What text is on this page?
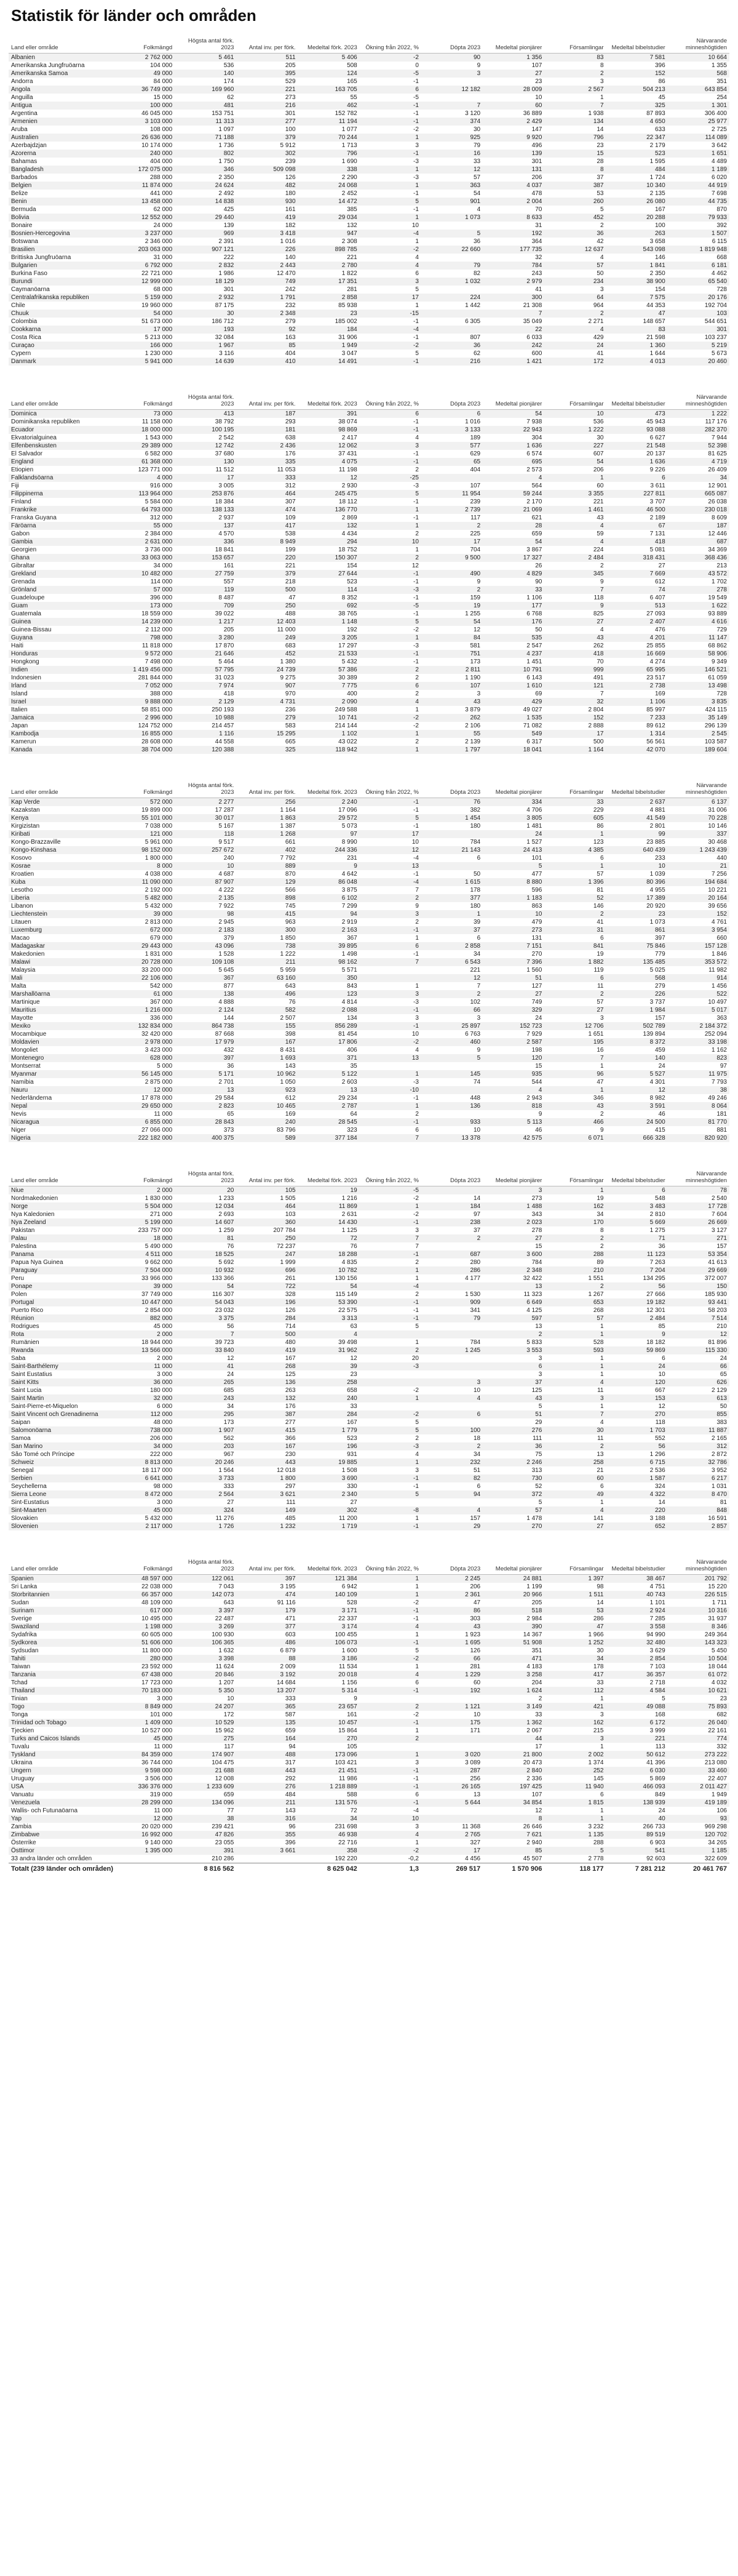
Statistik för länder och områden
Land eller område	Folkmängd	Högsta antal förk. 2023	Antal inv. per förk.	Medeltal förk. 2023	Ökning från 2022, %	Döpta 2023	Medeltal pionjärer	Församlingar	Medeltal bibelstudier	Närvarande minneshögtiden
Albanien	2 762 000	5 461	511	5 406	-2	90	1 356	83	7 581	10 664
Amerikanska Jungfruöarna	104 000	536	205	508	0	9	107	8	396	1 355
Amerikanska Samoa	49 000	140	395	124	-5	3	27	2	152	568
Andorra	84 000	174	529	165	-1		23	3	86	351
Angola	36 749 000	169 960	221	163 705	6	12 182	28 009	2 567	504 213	643 854
Anguilla	15 000	62	273	55	-5		10	1	45	254
Antigua	100 000	481	216	462	-1	7	60	7	325	1 301
Argentina	46 045 000	153 751	301	152 782	-1	3 120	36 889	1 938	87 893	306 400
Armenien	3 103 000	11 313	277	11 194	-1	374	2 429	134	4 650	25 977
Aruba	108 000	1 097	100	1 077	-2	30	147	14	633	2 725
Australien	26 636 000	71 188	379	70 244	1	925	9 920	796	22 347	114 089
Azerbajdzjan	10 174 000	1 736	5 912	1 713	3	79	496	23	2 179	3 642
Azorerna	240 000	802	302	796	-1	16	139	15	523	1 651
Bahamas	404 000	1 750	239	1 690	-3	33	301	28	1 595	4 489
Bangladesh	172 075 000	346	509 098	338	1	12	131	8	484	1 189
Barbados	288 000	2 350	126	2 290	-3	57	206	37	1 724	6 020
Belgien	11 874 000	24 624	482	24 068	1	363	4 037	387	10 340	44 919
Belize	441 000	2 492	180	2 452	-1	54	478	53	2 135	7 698
Benin	13 458 000	14 838	930	14 472	5	901	2 004	260	26 080	44 735
Bermuda	62 000	425	161	385	-1	4	70	5	167	870
Bolivia	12 552 000	29 440	419	29 034	1	1 073	8 633	452	20 288	79 933
Bonaire	24 000	139	182	132	10		31	2	100	392
Bosnien-Hercegovina	3 237 000	969	3 418	947	-4	5	192	36	263	1 507
Botswana	2 346 000	2 391	1 016	2 308	1	36	364	42	3 658	6 115
Brasilien	203 063 000	907 121	226	898 785	-2	22 660	177 735	12 637	543 098	1 819 948
Brittiska Jungfruöarna	31 000	222	140	221	4		32	4	146	668
Bulgarien	6 792 000	2 832	2 443	2 780	4	79	784	57	1 841	6 181
Burkina Faso	22 721 000	1 986	12 470	1 822	6	82	243	50	2 350	4 462
Burundi	12 999 000	18 129	749	17 351	3	1 032	2 979	234	38 900	65 540
Caymanöarna	68 000	301	242	281	5		41	3	154	728
Centralafrikanska republiken	5 159 000	2 932	1 791	2 858	17	224	300	64	7 575	20 176
Chile	19 960 000	87 175	232	85 938	1	1 442	21 308	964	44 353	192 704
Chuuk	54 000	30	2 348	23	-15		7	2	47	103
Colombia	51 673 000	186 712	279	185 002	-1	6 305	35 049	2 271	148 657	544 651
Cookkarna	17 000	193	92	184	-4		22	4	83	301
Costa Rica	5 213 000	32 084	163	31 906	-1	807	6 033	429	21 598	103 237
Curaçao	166 000	1 967	85	1 949	-2	36	242	24	1 360	5 219
Cypern	1 230 000	3 116	404	3 047	5	62	600	41	1 644	5 673
Danmark	5 941 000	14 639	410	14 491	-1	216	1 421	172	4 013	20 460
Land eller område	Folkmängd	Högsta antal förk. 2023	Antal inv. per förk.	Medeltal förk. 2023	Ökning från 2022, %	Döpta 2023	Medeltal pionjärer	Församlingar	Medeltal bibelstudier	Närvarande minneshögtiden
Dominica	73 000	413	187	391	6	6	54	10	473	1 222
Dominikanska republiken	11 158 000	38 792	293	38 074	-1	1 016	7 938	536	45 943	117 176
Ecuador	18 000 000	100 195	181	98 869	-1	3 133	22 943	1 222	93 088	282 370
Ekvatorialguinea	1 543 000	2 542	638	2 417	4	189	304	30	6 627	7 944
Elfenbenskusten	29 389 000	12 742	2 436	12 062	3	577	1 636	227	21 548	52 398
El Salvador	6 582 000	37 680	176	37 431	-1	629	6 574	607	20 137	81 625
England	61 368 000	130	335	4 075	-1	65	695	54	1 636	4 719
Etiopien	123 771 000	11 512	11 053	11 198	2	404	2 573	206	9 226	26 409
Falklandsöarna	4 000	17	333	12	-25		4	1	6	34
Fiji	916 000	3 005	312	2 930	-3	107	564	60	3 611	12 901
Filippinerna	113 964 000	253 876	464	245 475	5	11 954	59 244	3 355	227 811	665 087
Finland	5 584 000	18 384	307	18 112	-1	239	2 170	221	3 707	26 038
Frankrike	64 793 000	138 133	474	136 770	1	2 739	21 069	1 461	46 500	230 018
Franska Guyana	312 000	2 937	109	2 869	-1	117	621	43	2 189	8 609
Färöarna	55 000	137	417	132	1	2	28	4	67	187
Gabon	2 384 000	4 570	538	4 434	2	225	659	59	7 131	12 446
Gambia	2 631 000	336	8 949	294	10	17	54	4	418	687
Georgien	3 736 000	18 841	199	18 752	1	704	3 867	224	5 081	34 369
Ghana	33 063 000	153 657	220	150 307	2	9 500	17 327	2 484	318 431	368 436
Gibraltar	34 000	161	221	154	12		26	2	27	213
Grekland	10 482 000	27 759	379	27 644	-1	490	4 829	345	7 669	43 572
Grenada	114 000	557	218	523	-1	9	90	9	612	1 702
Grönland	57 000	119	500	114	-3	2	33	7	74	278
Guadeloupe	396 000	8 487	47	8 352	-1	159	1 106	118	6 407	19 549
Guam	173 000	709	250	692	-5	19	177	9	513	1 622
Guatemala	18 559 000	39 022	488	38 765	-1	1 255	6 768	825	27 093	93 889
Guinea	14 239 000	1 217	12 403	1 148	5	54	176	27	2 407	4 616
Guinea-Bissau	2 112 000	205	11 000	192	-2	12	50	4	476	729
Guyana	798 000	3 280	249	3 205	1	84	535	43	4 201	11 147
Haiti	11 818 000	17 870	683	17 297	-3	581	2 547	262	25 855	68 862
Honduras	9 572 000	21 646	452	21 533	-1	751	4 237	418	16 669	58 906
Hongkong	7 498 000	5 464	1 380	5 432	-1	173	1 451	70	4 274	9 349
Indien	1 419 456 000	57 795	24 739	57 386	2	2 811	10 791	999	65 995	146 521
Indonesien	281 844 000	31 023	9 275	30 389	2	1 190	6 143	491	23 517	61 059
Irland	7 052 000	7 974	907	7 775	6	107	1 610	121	2 738	13 498
Island	388 000	418	970	400	2	3	69	7	169	728
Israel	9 888 000	2 129	4 731	2 090	4	43	429	32	1 106	3 835
Italien	58 851 000	250 193	236	249 588	1	3 879	49 027	2 804	85 997	424 115
Jamaica	2 996 000	10 988	279	10 741	-2	262	1 535	152	7 233	35 149
Japan	124 752 000	214 457	583	214 144	-2	2 106	71 082	2 888	89 612	296 139
Kambodja	16 855 000	1 116	15 295	1 102	1	55	549	17	1 314	2 545
Kamerun	28 608 000	44 558	665	43 022	2	2 139	6 317	500	56 561	103 587
Kanada	38 704 000	120 388	325	118 942	1	1 797	18 041	1 164	42 070	189 604
Land eller område	Folkmängd	Högsta antal förk. 2023	Antal inv. per förk.	Medeltal förk. 2023	Ökning från 2022, %	Döpta 2023	Medeltal pionjärer	Församlingar	Medeltal bibelstudier	Närvarande minneshögtiden
Kap Verde	572 000	2 277	256	2 240	-1	76	334	33	2 637	6 137
Kazakstan	19 899 000	17 287	1 164	17 096	-1	382	4 706	229	4 881	31 006
Kenya	55 101 000	30 017	1 863	29 572	5	1 454	3 805	605	41 549	70 228
Kirgizistan	7 038 000	5 167	1 387	5 073	-1	180	1 481	86	2 801	10 146
Kiribati	121 000	118	1 268	97	17		24	1	99	337
Kongo-Brazzaville	5 961 000	9 517	661	8 990	10	784	1 527	123	23 885	30 468
Kongo-Kinshasa	98 152 000	257 672	402	244 336	12	21 143	24 413	4 385	640 439	1 243 439
Kosovo	1 800 000	240	7 792	231	-4	6	101	6	233	440
Kosrae	8 000	10	889	9	13		5	1	10	21
Kroatien	4 038 000	4 687	870	4 642	-1	50	477	57	1 039	7 256
Kuba	11 090 000	87 907	129	86 048	-4	1 615	8 880	1 396	80 396	194 684
Lesotho	2 192 000	4 222	566	3 875	7	178	596	81	4 955	10 221
Liberia	5 482 000	2 135	898	6 102	2	377	1 183	52	17 389	20 164
Libanon	5 432 000	7 922	745	7 299	9	180	863	146	20 920	39 656
Liechtenstein	39 000	98	415	94	3	1	10	2	23	152
Litauen	2 813 000	2 945	963	2 919	2	39	479	41	1 073	4 761
Luxemburg	672 000	2 183	300	2 163	-1	37	273	31	861	3 954
Macao	679 000	379	1 850	367	1	6	131	6	397	660
Madagaskar	29 443 000	43 096	738	39 895	6	2 858	7 151	841	75 846	157 128
Makedonien	1 831 000	1 528	1 222	1 498	-1	34	270	19	779	1 846
Malawi	20 728 000	109 108	211	98 162	7	6 543	7 396	1 882	135 485	353 572
Malaysia	33 200 000	5 645	5 959	5 571		221	1 560	119	5 025	11 982
Mali	22 106 000	367	63 160	350		12	51	6	568	914
Malta	542 000	877	643	843	1	7	127	11	279	1 456
Marshallöarna	61 000	138	496	123	3	2	27	2	226	522
Martinique	367 000	4 888	76	4 814	-3	102	749	57	3 737	10 497
Mauritius	1 216 000	2 124	582	2 088	-1	66	329	27	1 984	5 017
Mayotte	336 000	144	2 507	134	3	3	24	3	157	363
Mexiko	132 834 000	864 738	155	856 289	-1	25 897	152 723	12 706	502 789	2 184 372
Mocambique	32 420 000	87 668	398	81 454	10	6 763	7 929	1 651	139 894	252 094
Moldavien	2 978 000	17 979	167	17 806	-2	460	2 587	195	8 372	33 198
Mongoliet	3 423 000	432	8 431	406	4	9	198	16	459	1 162
Montenegro	628 000	397	1 693	371	13	5	120	7	140	823
Montserrat	5 000	36	143	35			15	1	24	97
Myanmar	56 145 000	5 171	10 962	5 122	1	145	935	96	5 527	11 975
Namibia	2 875 000	2 701	1 050	2 603	-3	74	544	47	4 301	7 793
Nauru	12 000	13	923	13	-10		4	1	12	38
Nederländerna	17 878 000	29 584	612	29 234	-1	448	2 943	346	8 982	49 246
Nepal	29 650 000	2 823	10 465	2 787	1	136	818	43	3 591	8 064
Nevis	11 000	65	169	64	2		9	2	46	181
Nicaragua	6 855 000	28 843	240	28 545	-1	933	5 113	466	24 500	81 770
Niger	27 066 000	373	83 796	323	6	10	46	9	415	881
Nigeria	222 182 000	400 375	589	377 184	7	13 378	42 575	6 071	666 328	820 920
Land eller område	Folkmängd	Högsta antal förk. 2023	Antal inv. per förk.	Medeltal förk. 2023	Ökning från 2022, %	Döpta 2023	Medeltal pionjärer	Församlingar	Medeltal bibelstudier	Närvarande minneshögtiden
Niue	2 000	20	105	19	-5		3	1	6	78
Nordmakedonien	1 830 000	1 233	1 505	1 216	-2	14	273	19	548	2 540
Norge	5 504 000	12 034	464	11 869	1	184	1 488	162	3 483	17 728
Nya Kaledonien	271 000	2 693	103	2 631	-2	97	343	34	2 810	7 604
Nya Zeeland	5 199 000	14 607	360	14 430	-1	238	2 023	170	5 669	26 669
Pakistan	233 757 000	1 259	207 784	1 125	3	37	278	8	1 275	3 127
Palau	18 000	81	250	72	7	2	27	2	71	271
Palestina	5 490 000	76	72 237	76	7		15	2	36	157
Panama	4 511 000	18 525	247	18 288	-1	687	3 600	288	11 123	53 354
Papua Nya Guinea	9 662 000	5 692	1 999	4 835	2	280	784	89	7 263	41 613
Paraguay	7 504 000	10 932	696	10 782	1	286	2 348	210	7 204	29 669
Peru	33 966 000	133 366	261	130 156	1	4 177	32 422	1 551	134 295	372 007
Ponape	39 000	54	722	54	-4		13	2	56	150
Polen	37 749 000	116 307	328	115 149	2	1 530	11 323	1 267	27 666	185 930
Portugal	10 447 000	54 043	196	53 390	-1	909	6 649	653	19 182	93 441
Puerto Rico	2 854 000	23 032	126	22 575	-1	341	4 125	268	12 301	58 203
Réunion	882 000	3 375	284	3 313	-1	79	597	57	2 484	7 514
Rodrigues	45 000	56	714	63	5		13	1	85	210
Rota	2 000	7	500	4			2	1	9	12
Rumänien	18 944 000	39 723	480	39 498	1	784	5 833	528	18 182	81 896
Rwanda	13 566 000	33 840	419	31 962	2	1 245	3 553	593	59 869	115 330
Saba	2 000	12	167	12	20		3	1	6	24
Saint-Barthélemy	11 000	41	268	39	-3		6	1	24	66
Saint Eustatius	3 000	24	125	23			3	1	10	65
Saint Kitts	36 000	265	136	258		3	37	4	120	626
Saint Lucia	180 000	685	263	658	-2	10	125	11	667	2 129
Saint Martin	32 000	243	132	240	1	4	43	3	153	613
Saint-Pierre-et-Miquelon	6 000	34	176	33			5	1	12	50
Saint Vincent och Grenadinerna	112 000	295	387	284	-2	6	51	7	270	855
Saipan	48 000	173	277	167	5		29	4	118	383
Salomonöarna	738 000	1 907	415	1 779	5	100	276	30	1 703	11 887
Samoa	206 000	562	366	523	2	18	111	11	552	2 165
San Marino	34 000	203	167	196	-3	2	36	2	56	312
São Tomé och Príncipe	222 000	967	230	931	4	34	75	13	1 296	2 872
Schweiz	8 813 000	20 246	443	19 885	1	232	2 246	258	6 715	32 786
Senegal	18 117 000	1 564	12 018	1 508	3	51	313	21	2 536	3 952
Serbien	6 641 000	3 733	1 800	3 690	-1	82	730	60	1 587	6 217
Seychellerna	98 000	333	297	330	-1	6	52	6	324	1 031
Sierra Leone	8 472 000	2 564	3 621	2 340	5	94	372	49	4 322	8 470
Sint-Eustatius	3 000	27	111	27			5	1	14	81
Sint-Maarten	45 000	324	149	302	-8	4	57	4	220	848
Slovakien	5 432 000	11 276	485	11 200	1	157	1 478	141	3 188	16 591
Slovenien	2 117 000	1 726	1 232	1 719	-1	29	270	27	652	2 857
Land eller område	Folkmängd	Högsta antal förk. 2023	Antal inv. per förk.	Medeltal förk. 2023	Ökning från 2022, %	Döpta 2023	Medeltal pionjärer	Församlingar	Medeltal bibelstudier	Närvarande minneshögtiden
Spanien	48 597 000	122 061	397	121 384	1	2 245	24 881	1 397	38 467	201 792
Sri Lanka	22 038 000	7 043	3 195	6 942	1	206	1 199	98	4 751	15 220
Storbritannien	66 357 000	142 073	474	140 109	1	2 361	20 966	1 511	40 743	226 515
Sudan	48 109 000	643	91 116	528	-2	47	205	14	1 101	1 711
Surinam	617 000	3 397	179	3 171	-1	86	518	53	2 924	10 316
Sverige	10 495 000	22 487	471	22 337	-1	303	2 984	286	7 285	31 937
Swaziland	1 198 000	3 269	377	3 174	4	43	390	47	3 558	8 346
Sydafrika	60 605 000	100 930	603	100 455	1	1 923	14 367	1 966	94 990	249 364
Sydkorea	51 606 000	106 365	486	106 073	-1	1 695	51 908	1 252	32 480	143 323
Sydsudan	11 800 000	1 632	6 879	1 600	5	126	351	30	3 629	5 450
Tahiti	280 000	3 398	88	3 186	-2	66	471	34	2 854	10 504
Taiwan	23 592 000	11 624	2 009	11 534	1	281	4 183	178	7 103	18 044
Tanzania	67 438 000	20 846	3 192	20 018	4	1 229	3 258	417	36 357	61 072
Tchad	17 723 000	1 207	14 684	1 156	6	60	204	33	2 718	4 032
Thailand	70 183 000	5 350	13 207	5 314	-1	192	1 624	112	4 584	10 621
Tinian	3 000	10	333	9			2	1	5	23
Togo	8 849 000	24 207	365	23 657	2	1 121	3 149	421	49 088	75 893
Tonga	101 000	172	587	161	-2	10	33	3	168	682
Trinidad och Tobago	1 409 000	10 529	135	10 457	-1	175	1 362	162	6 172	26 040
Tjeckien	10 527 000	15 962	659	15 864	1	171	2 067	215	3 999	22 161
Turks and Caicos Islands	45 000	275	164	270	2		44	3	221	774
Tuvalu	11 000	117	94	105			17	1	113	332
Tyskland	84 359 000	174 907	488	173 096	1	3 020	21 800	2 002	50 612	273 222
Ukraina	36 744 000	104 475	317	103 421	3	3 089	20 473	1 374	41 396	213 080
Ungern	9 598 000	21 688	443	21 451	-1	287	2 840	252	6 030	33 460
Uruguay	3 506 000	12 008	292	11 986	-1	256	2 336	145	5 869	22 407
USA	336 376 000	1 233 609	276	1 218 889	-1	26 165	197 425	11 940	466 093	2 011 427
Vanuatu	319 000	659	484	588	6	13	107	6	849	1 949
Venezuela	28 299 000	134 096	211	131 576	-1	5 644	34 854	1 815	138 939	419 189
Wallis- och Futunaöarna	11 000	77	143	72	-4		12	1	24	106
Yap	12 000	38	316	34	10		8	1	40	93
Zambia	20 020 000	239 421	96	231 698	3	11 368	26 646	3 232	266 733	969 298
Zimbabwe	16 992 000	47 826	355	46 938	4	2 765	7 621	1 135	89 519	120 702
Österrike	9 140 000	23 055	396	22 716	1	327	2 940	288	6 903	34 265
Östtimor	1 395 000	391	3 661	358	-2	17	85	5	541	1 185
33 andra länder och områden		210 286		192 220	-0,2	4 456	45 507	2 778	92 603	322 609
Totalt (239 länder och områden)		8 816 562		8 625 042	1,3	269 517	1 570 906	118 177	7 281 212	20 461 767
